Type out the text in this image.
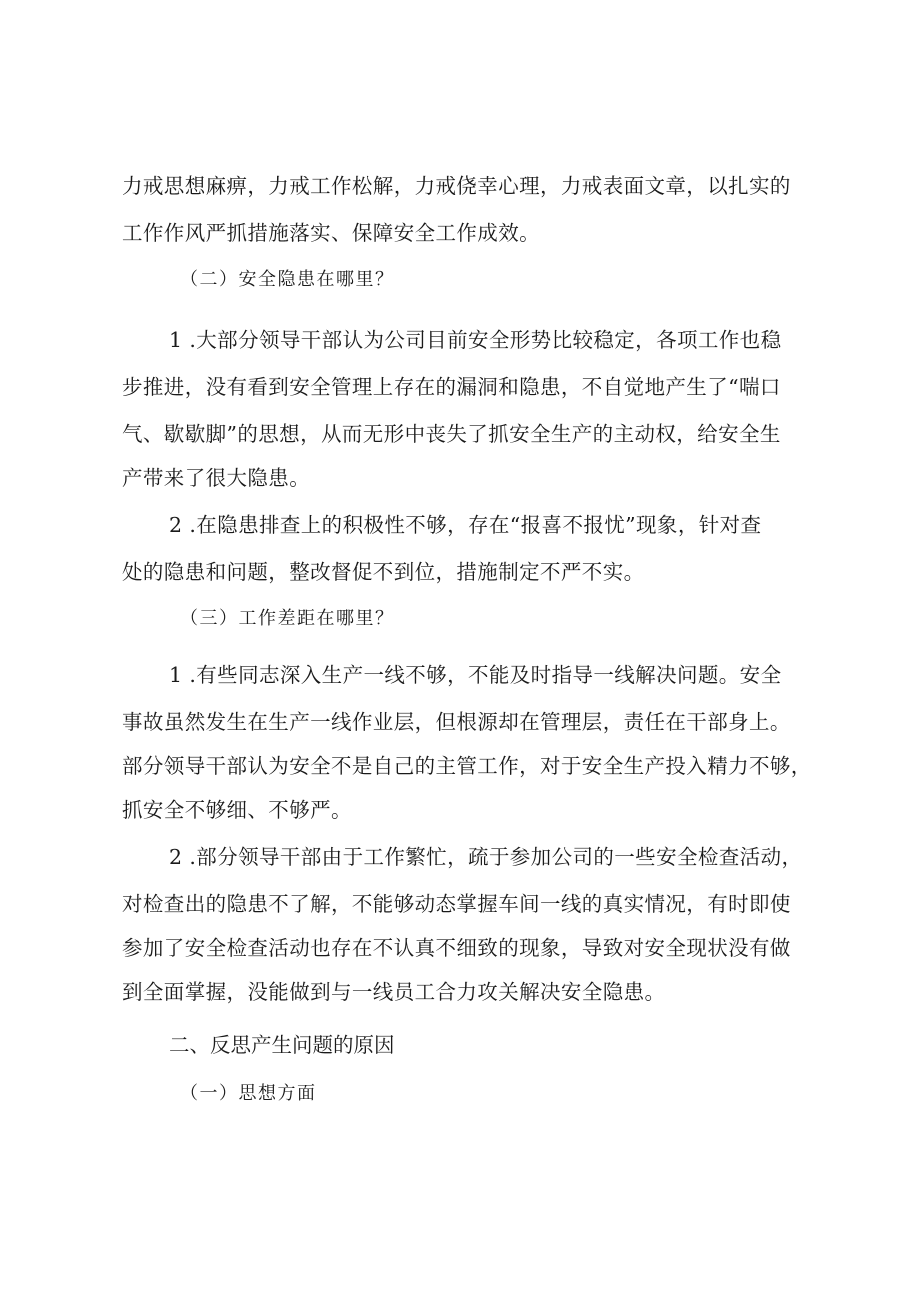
力戒思想麻痹，力戒工作松解，力戒侥幸心理，力戒表面文章，以扎实的
工作作风严抓措施落实、保障安全工作成效。
（二）安全隐患在哪里？
1 .大部分领导干部认为公司目前安全形势比较稳定，各项工作也稳
步推进，没有看到安全管理上存在的漏洞和隐患，不自觉地产生了“喘口
气、歇歇脚”的思想，从而无形中丧失了抓安全生产的主动权，给安全生
产带来了很大隐患。
2 .在隐患排查上的积极性不够，存在“报喜不报忧”现象，针对查
处的隐患和问题，整改督促不到位，措施制定不严不实。
（三）工作差距在哪里？
1 .有些同志深入生产一线不够，不能及时指导一线解决问题。安全
事故虽然发生在生产一线作业层，但根源却在管理层，责任在干部身上。
部分领导干部认为安全不是自己的主管工作，对于安全生产投入精力不够，
抓安全不够细、不够严。
2 .部分领导干部由于工作繁忙，疏于参加公司的一些安全检查活动，
对检查出的隐患不了解，不能够动态掌握车间一线的真实情况，有时即使
参加了安全检查活动也存在不认真不细致的现象，导致对安全现状没有做
到全面掌握，没能做到与一线员工合力攻关解决安全隐患。
二、反思产生问题的原因
（一）思想方面
